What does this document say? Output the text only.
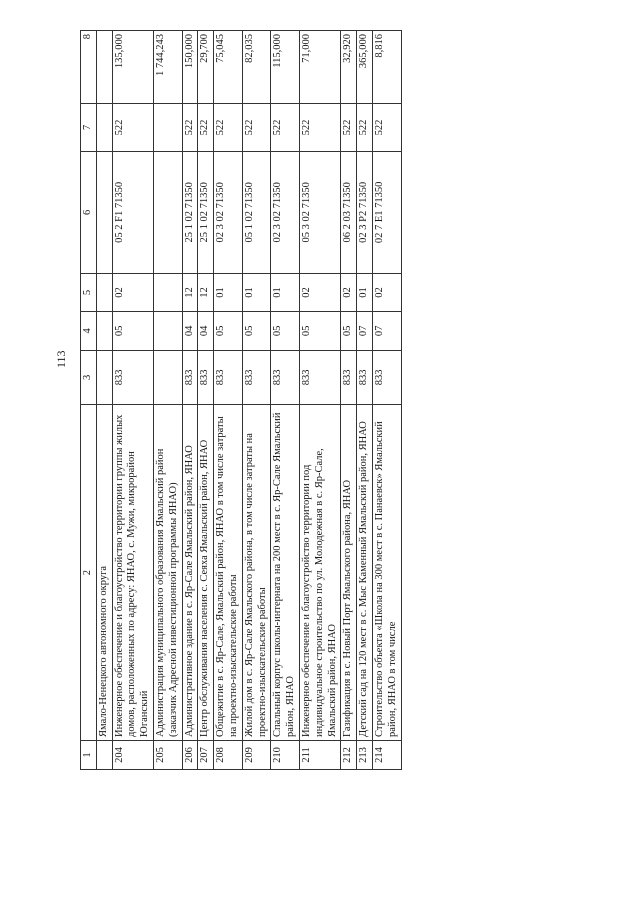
113
1	2	3	4	5	6	7	8
	Ямало-Ненецкого автономного округа						
204	Инженерное обеспечение и благоустройство территории группы жилых домов, расположенных по адресу: ЯНАО, с. Мужи, микрорайон Юганский	833	05	02	05 2 F1 71350	522	135,000
205	Администрация муниципального образования Ямальский район (заказчик Адресной инвестиционной программы ЯНАО)						1 744,243
206	Административное здание в с. Яр-Сале Ямальский район, ЯНАО	833	04	12	25 1 02 71350	522	150,000
207	Центр обслуживания населения с. Сеяха Ямальский район, ЯНАО	833	04	12	25 1 02 71350	522	29,700
208	Общежитие в с. Яр-Сале, Ямальский район, ЯНАО в том числе затраты на проектно-изыскательские работы	833	05	01	02 3 02 71350	522	75,045
209	Жилой дом в с. Яр-Сале Ямальского района, в том числе затраты на проектно-изыскательские работы	833	05	01	05 1 02 71350	522	82,035
210	Спальный корпус школы-интерната на 200 мест в с. Яр-Сале Ямальский район, ЯНАО	833	05	01	02 3 02 71350	522	115,000
211	Инженерное обеспечение и благоустройство территории под индивидуальное строительство по ул. Молодежная в с. Яр-Сале, Ямальский район, ЯНАО	833	05	02	05 3 02 71350	522	71,000
212	Газификация в с. Новый Порт Ямальского района, ЯНАО	833	05	02	06 2 03 71350	522	32,920
213	Детский сад на 120 мест в с. Мыс Каменный Ямальский район, ЯНАО	833	07	01	02 3 P2 71350	522	365,000
214	Строительство объекта «Школа на 300 мест в с. Панаевск» Ямальский район, ЯНАО в том числе	833	07	02	02 7 E1 71350	522	8,816
